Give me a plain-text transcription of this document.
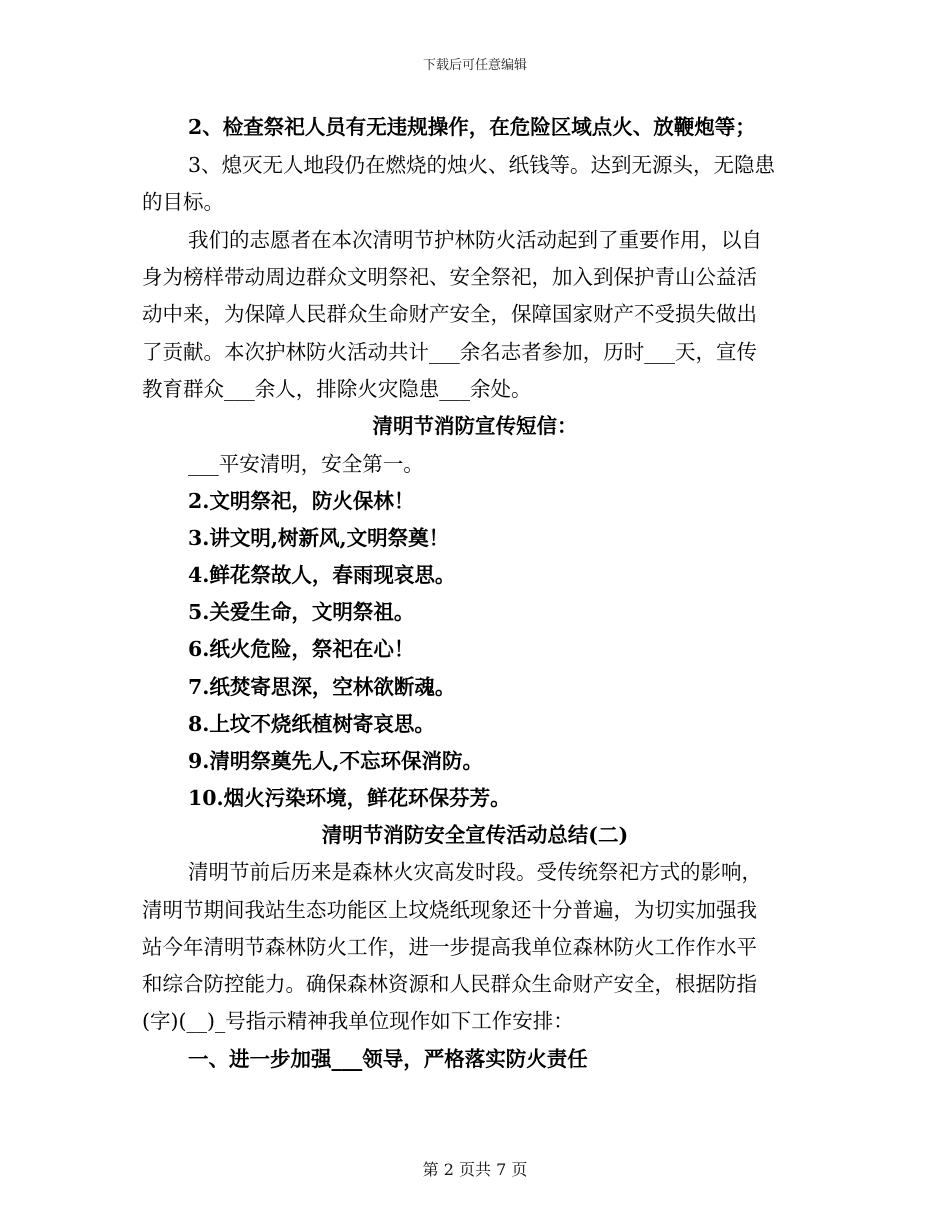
下载后可任意编辑
2、检查祭祀人员有无违规操作，在危险区域点火、放鞭炮等；
3、熄灭无人地段仍在燃烧的烛火、纸钱等。达到无源头，无隐患
的目标。
我们的志愿者在本次清明节护林防火活动起到了重要作用，以自
身为榜样带动周边群众文明祭祀、安全祭祀，加入到保护青山公益活
动中来，为保障人民群众生命财产安全，保障国家财产不受损失做出
了贡献。本次护林防火活动共计___余名志者参加，历时___天，宣传
教育群众___余人，排除火灾隐患___余处。
清明节消防宣传短信：
___平安清明，安全第一。
2.文明祭祀，防火保林！
3.讲文明,树新风,文明祭奠！
4.鲜花祭故人，春雨现哀思。
5.关爱生命，文明祭祖。
6.纸火危险，祭祀在心！
7.纸焚寄思深，空林欲断魂。
8.上坟不烧纸植树寄哀思。
9.清明祭奠先人,不忘环保消防。
10.烟火污染环境，鲜花环保芬芳。
清明节消防安全宣传活动总结(二)
清明节前后历来是森林火灾高发时段。受传统祭祀方式的影响，
清明节期间我站生态功能区上坟烧纸现象还十分普遍，为切实加强我
站今年清明节森林防火工作，进一步提高我单位森林防火工作作水平
和综合防控能力。确保森林资源和人民群众生命财产安全，根据防指
(字)(__)_号指示精神我单位现作如下工作安排：
一、进一步加强___领导，严格落实防火责任
第 2 页共 7 页
